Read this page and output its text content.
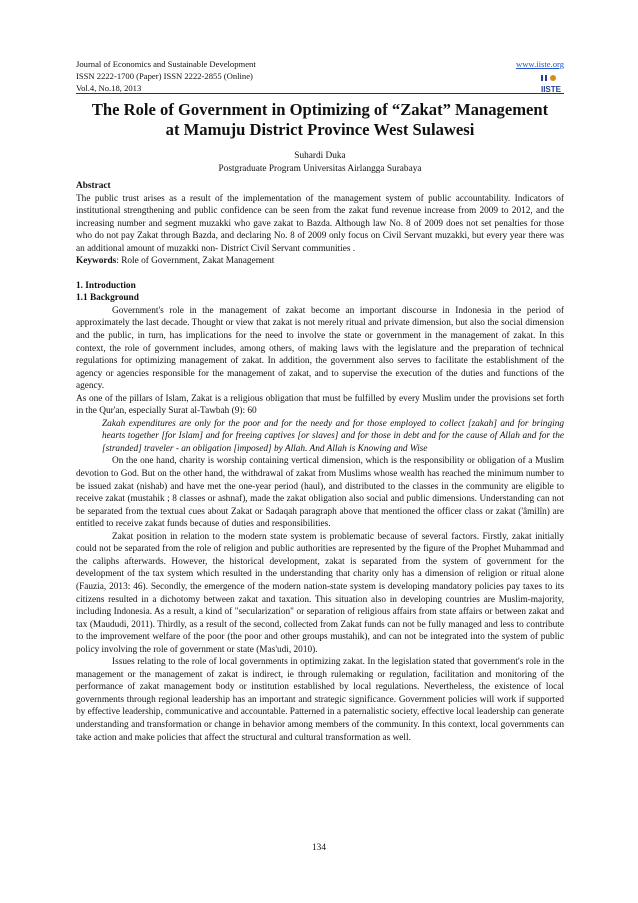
Journal of Economics and Sustainable Development
ISSN 2222-1700 (Paper) ISSN 2222-2855 (Online)
Vol.4, No.18, 2013
www.iiste.org
IISTE
The Role of Government in Optimizing of “Zakat” Management
at Mamuju District Province West Sulawesi
Suhardi Duka
Postgraduate Program Universitas Airlangga Surabaya

Abstract

The public trust arises as a result of the implementation of the management system of public accountability. Indicators of institutional strengthening and public confidence can be seen from the zakat fund revenue increase from 2009 to 2012, and the increasing number and segment muzakki who gave zakat to Bazda. Although law No. 8 of 2009 does not set penalties for those who do not pay Zakat through Bazda, and declaring No. 8 of 2009 only focus on Civil Servant muzakki, but every year there was an additional amount of muzakki non- District Civil Servant communities .

Keywords: Role of Government, Zakat Management

1. Introduction

1.1 Background

Government's role in the management of zakat become an important discourse in Indonesia in the period of approximately the last decade. Thought or view that zakat is not merely ritual and private dimension, but also the social dimension and the public, in turn, has implications for the need to involve the state or government in the management of zakat. In this context, the role of government includes, among others, of making laws with the legislature and the preparation of technical regulations for optimizing management of zakat. In addition, the government also serves to facilitate the establishment of the agency or agencies responsible for the management of zakat, and to supervise the execution of the duties and functions of the agency.

As one of the pillars of Islam, Zakat is a religious obligation that must be fulfilled by every Muslim under the provisions set forth in the Qur'an, especially Surat al-Tawbah (9): 60

Zakah expenditures are only for the poor and for the needy and for those employed to collect [zakah] and for bringing hearts together [for Islam] and for freeing captives [or slaves] and for those in debt and for the cause of Allah and for the [stranded] traveler - an obligation [imposed] by Allah. And Allah is Knowing and Wise

On the one hand, charity is worship containing vertical dimension, which is the responsibility or obligation of a Muslim devotion to God. But on the other hand, the withdrawal of zakat from Muslims whose wealth has reached the minimum number to be issued zakat (nishab) and have met the one-year period (haul), and distributed to the classes in the community are eligible to receive zakat (mustahik ; 8 classes or ashnaf), made the zakat obligation also social and public dimensions. Understanding can not be separated from the textual cues about Zakat or Sadaqah paragraph above that mentioned the officer class or zakat ('âmilîn) are entitled to receive zakat funds because of duties and responsibilities.

Zakat position in relation to the modern state system is problematic because of several factors. Firstly, zakat initially could not be separated from the role of religion and public authorities are represented by the figure of the Prophet Muhammad and the caliphs afterwards. However, the historical development, zakat is separated from the system of government for the development of the tax system which resulted in the understanding that charity only has a dimension of religion or ritual alone (Fauzia, 2013: 46). Secondly, the emergence of the modern nation-state system is developing mandatory policies pay taxes to its citizens resulted in a dichotomy between zakat and taxation. This situation also in developing countries are Muslim-majority, including Indonesia. As a result, a kind of "secularization" or separation of religious affairs from state affairs or between zakat and tax (Maududi, 2011). Thirdly, as a result of the second, collected from Zakat funds can not be fully managed and less to contribute to the improvement welfare of the poor (the poor and other groups mustahik), and can not be integrated into the system of public policy involving the role of government or state (Mas'udi, 2010).

Issues relating to the role of local governments in optimizing zakat. In the legislation stated that government's role in the management or the management of zakat is indirect, ie through rulemaking or regulation, facilitation and monitoring of the performance of zakat management body or institution established by local regulations. Nevertheless, the existence of local governments through regional leadership has an important and strategic significance. Government policies will work if supported by effective leadership, communicative and accountable. Patterned in a paternalistic society, effective local leadership can generate understanding and transformation or change in behavior among members of the community. In this context, local governments can take action and make policies that affect the structural and cultural transformation as well.

134
